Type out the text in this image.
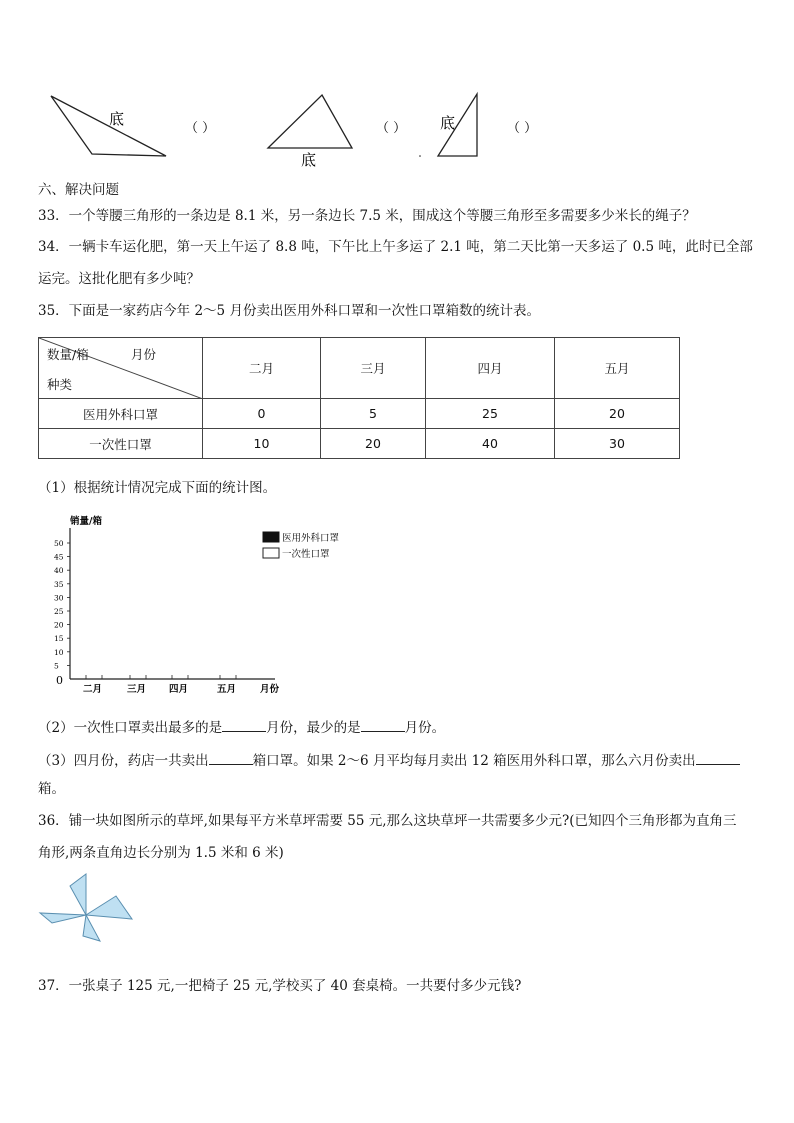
底
（ ）
底
（ ） 底	（ ）
六、解决问题
33．一个等腰三角形的一条边是 8.1 米，另一条边长 7.5 米，围成这个等腰三角形至多需要多少米长的绳子？
34．一辆卡车运化肥，第一天上午运了 8.8 吨，下午比上午多运了 2.1 吨，第二天比第一天多运了 0.5 吨，此时已全部
运完。这批化肥有多少吨？
35．下面是一家药店今年 2～5 月份卖出医用外科口罩和一次性口罩箱数的统计表。
数量/箱 月份
种类	二月	三月	四月	五月
医用外科口罩	0	5	25	20
一次性口罩	10	20	40	30
（1）根据统计情况完成下面的统计图。
销量/箱
50
45
40
35
30
25
20
15
10
5
0
二月	三月 四月	五月	月份
医用外科口罩
一次性口罩
（2）一次性口罩卖出最多的是	月份，最少的是	月份。
（3）四月份，药店一共卖出	箱口罩。如果 2～6 月平均每月卖出 12 箱医用外科口罩，那么六月份卖出
箱。
36．铺一块如图所示的草坪,如果每平方米草坪需要 55 元,那么这块草坪一共需要多少元?(已知四个三角形都为直角三
角形,两条直角边长分别为 1.5 米和 6 米)
37．一张桌子 125 元,一把椅子 25 元,学校买了 40 套桌椅。一共要付多少元钱?
